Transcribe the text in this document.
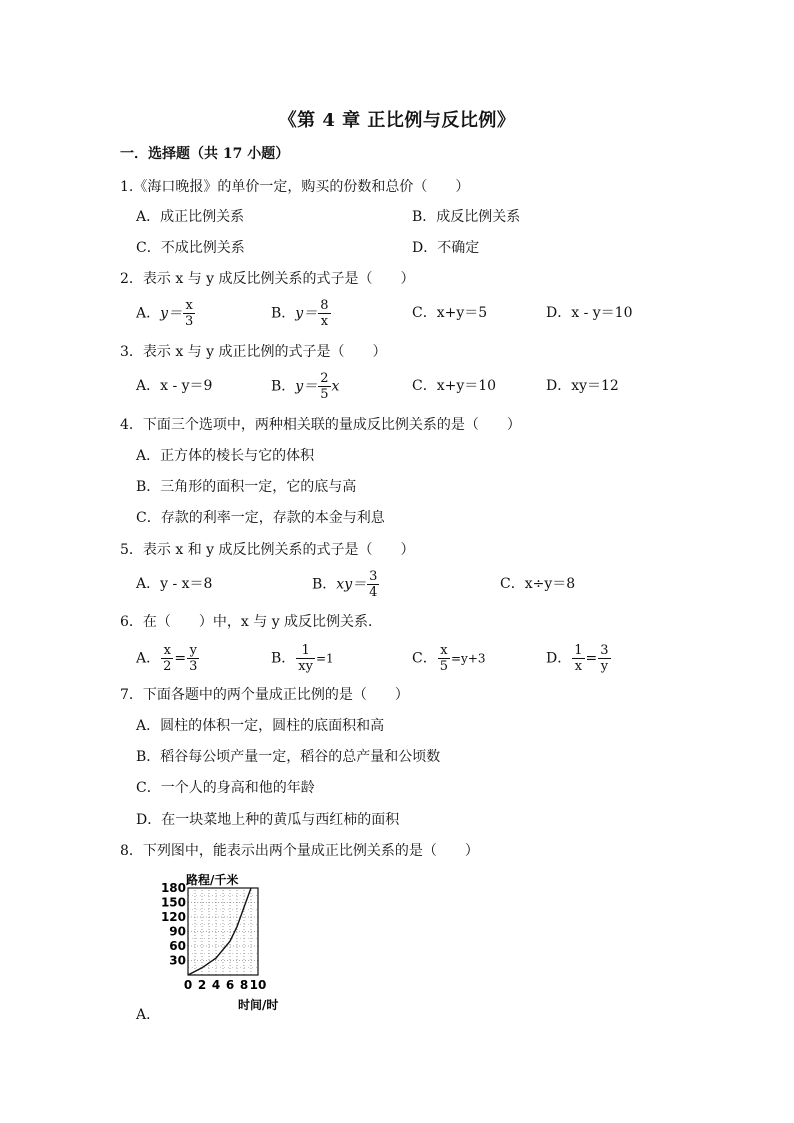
《第 4 章 正比例与反比例》
一．选择题（共 17 小题）
1.《海口晚报》的单价一定，购买的份数和总价（　　）
A．成正比例关系	B．成反比例关系
C．不成比例关系	D．不确定
2．表示 x 与 y 成反比例关系的式子是（　　）
A．$y= \frac{x}{3}$	B．$y= \frac{8}{x}$	C．x+y＝5	D．x - y＝10
3．表示 x 与 y 成正比例的式子是（　　）
A．x - y＝9	B．$y= \frac{2}{5}$ x	C．x+y＝10	D．xy＝12
4．下面三个选项中，两种相关联的量成反比例关系的是（　　）
A．正方体的棱长与它的体积
B．三角形的面积一定，它的底与高
C．存款的利率一定，存款的本金与利息
5．表示 x 和 y 成反比例关系的式子是（　　）
A．y - x＝8	B．$xy= \frac{3}{4}$	C．x÷y＝8
6．在（　　）中，x 与 y 成反比例关系．
A． $\frac{x}{2} = \frac{y}{3}$	B． $\frac{1}{xy} =1$	C． $\frac{x}{5} =y+3$	D． $\frac{1}{x} = \frac{3}{y}$
7．下面各题中的两个量成正比例的是（　　）
A．圆柱的体积一定，圆柱的底面积和高
B．稻谷每公顷产量一定，稻谷的总产量和公顷数
C．一个人的身高和他的年龄
D．在一块菜地上种的黄瓜与西红柿的面积
8．下列图中，能表示出两个量成正比例关系的是（　　）
30
60
90
120
150
180
0 2 4 6 8 10
路程/千米
时间/时
A．
